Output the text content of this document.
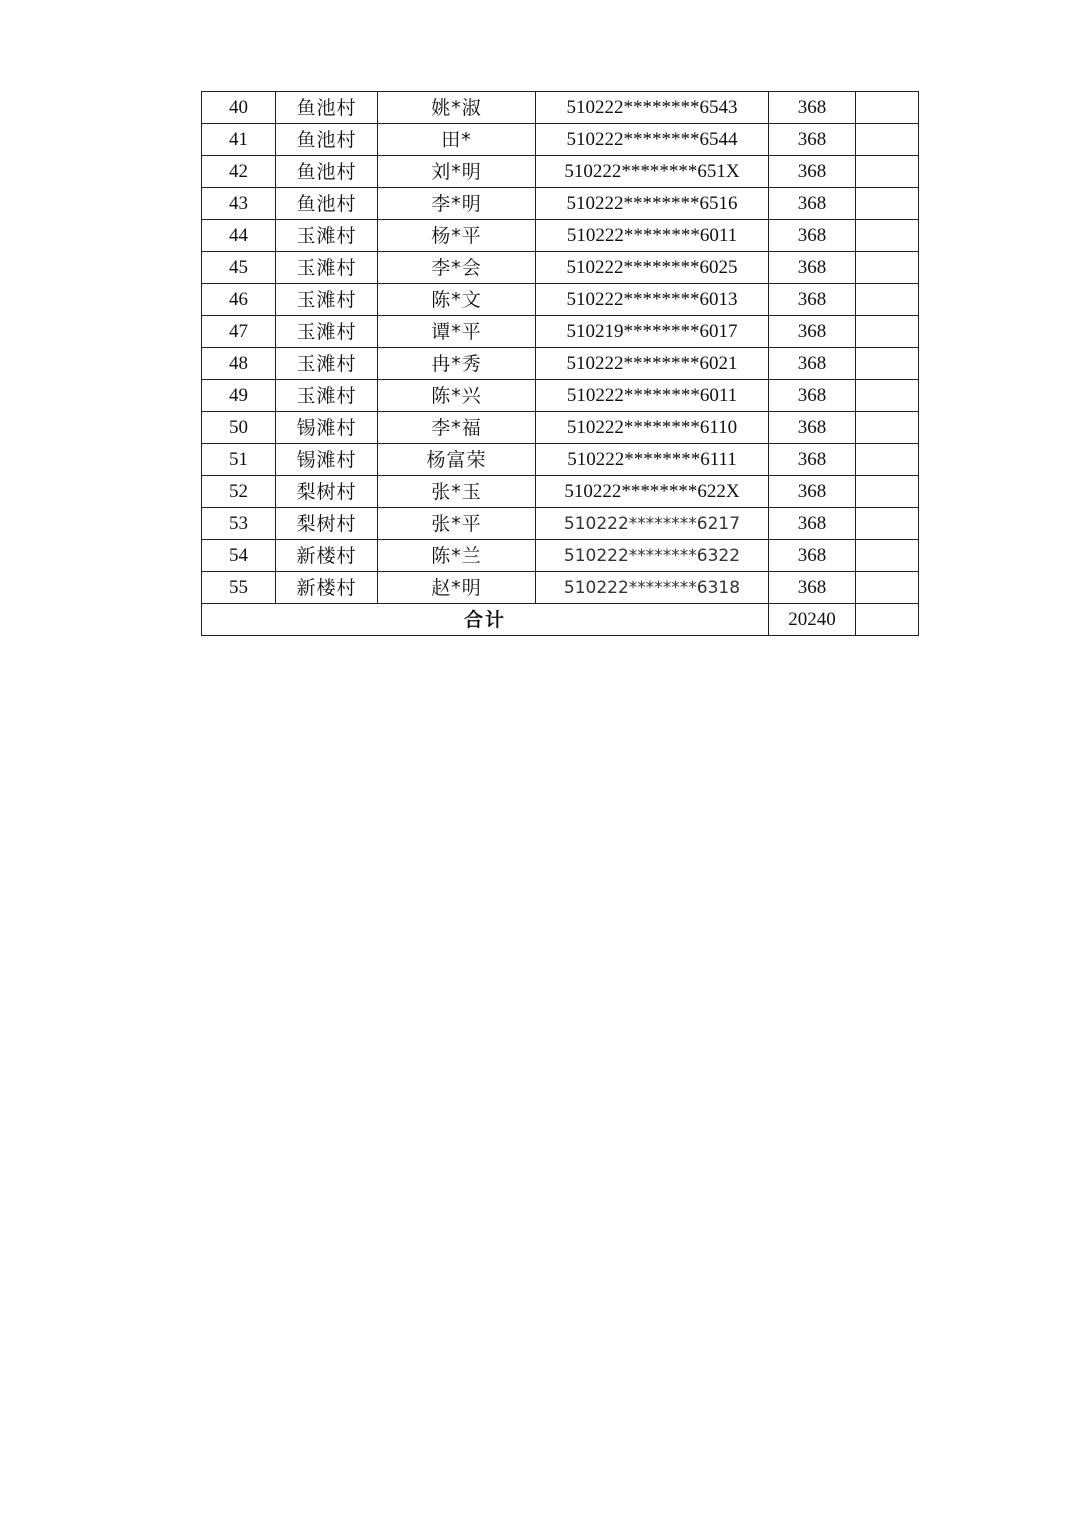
40	鱼池村	姚*淑	510222********6543	368	
41	鱼池村	田*	510222********6544	368	
42	鱼池村	刘*明	510222********651X	368	
43	鱼池村	李*明	510222********6516	368	
44	玉滩村	杨*平	510222********6011	368	
45	玉滩村	李*会	510222********6025	368	
46	玉滩村	陈*文	510222********6013	368	
47	玉滩村	谭*平	510219********6017	368	
48	玉滩村	冉*秀	510222********6021	368	
49	玉滩村	陈*兴	510222********6011	368	
50	锡滩村	李*福	510222********6110	368	
51	锡滩村	杨富荣	510222********6111	368	
52	梨树村	张*玉	510222********622X	368	
53	梨树村	张*平	510222********6217	368	
54	新楼村	陈*兰	510222********6322	368	
55	新楼村	赵*明	510222********6318	368	
合计				20240	
